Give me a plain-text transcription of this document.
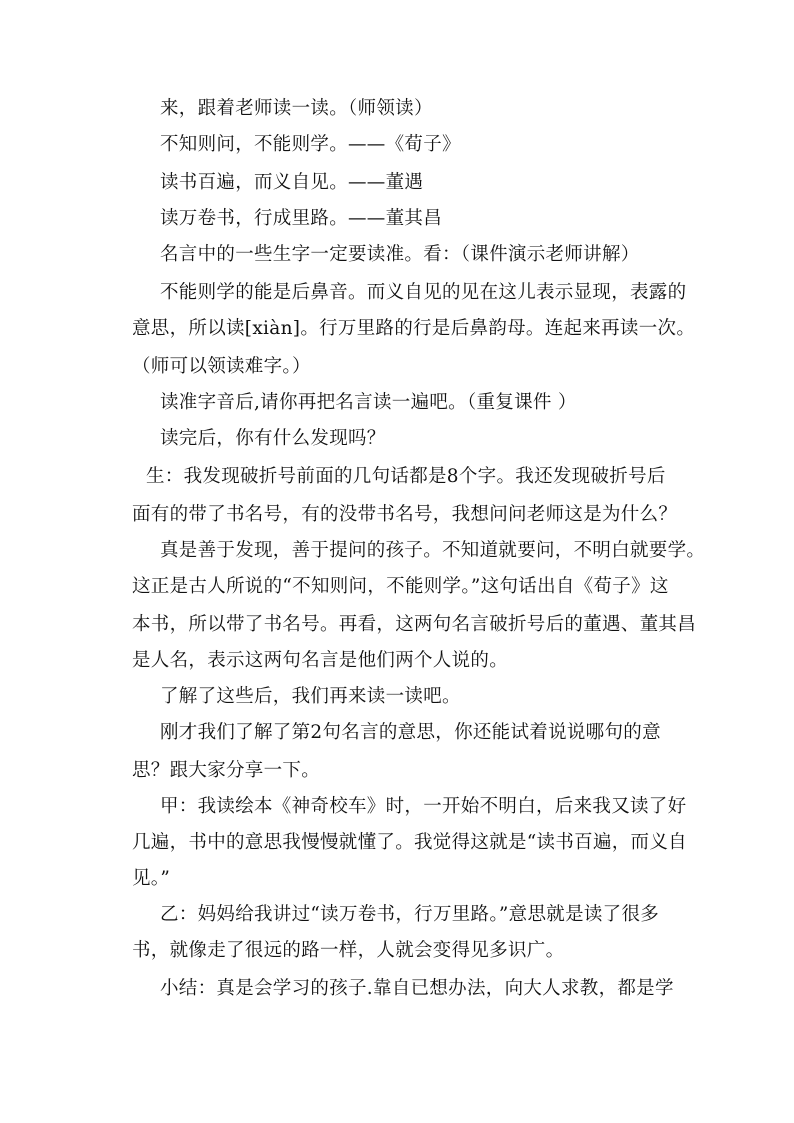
来，跟着老师读一读。（师领读）
不知则问，不能则学。——《荀子》
读书百遍，而义自见。——董遇
读万卷书，行成里路。——董其昌
名言中的一些生字一定要读准。看：（课件演示老师讲解）
不能则学的能是后鼻音。而义自见的见在这儿表示显现，表露的
意思，所以读[xiàn]。行万里路的行是后鼻韵母。连起来再读一次。
（师可以领读难字。）
读准字音后,请你再把名言读一遍吧。（重复课件 ）
读完后，你有什么发现吗？
生：我发现破折号前面的几句话都是8个字。我还发现破折号后
面有的带了书名号，有的没带书名号，我想问问老师这是为什么？
真是善于发现，善于提问的孩子。不知道就要问，不明白就要学。
这正是古人所说的“不知则问，不能则学。”这句话出自《荀子》这
本书，所以带了书名号。再看，这两句名言破折号后的董遇、董其昌
是人名，表示这两句名言是他们两个人说的。
了解了这些后，我们再来读一读吧。
刚才我们了解了第2句名言的意思，你还能试着说说哪句的意
思？跟大家分享一下。
甲：我读绘本《神奇校车》时，一开始不明白，后来我又读了好
几遍，书中的意思我慢慢就懂了。我觉得这就是“读书百遍，而义自
见。”
乙：妈妈给我讲过“读万卷书，行万里路。”意思就是读了很多
书，就像走了很远的路一样，人就会变得见多识广。
小结：真是会学习的孩子.靠自已想办法，向大人求教，都是学
